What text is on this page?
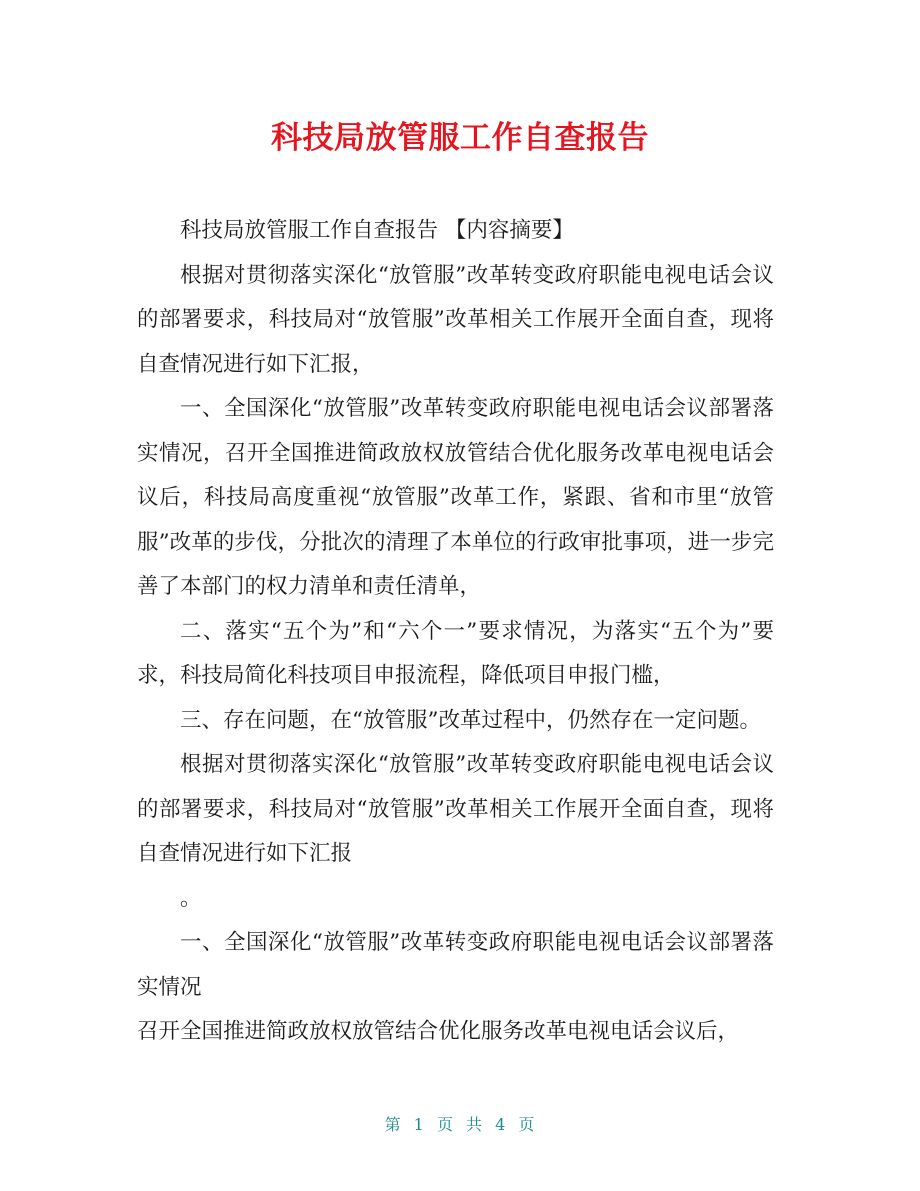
科技局放管服工作自查报告

科技局放管服工作自查报告 【内容摘要】

根据对贯彻落实深化“放管服”改革转变政府职能电视电话会议的部署要求，科技局对“放管服”改革相关工作展开全面自查，现将自查情况进行如下汇报，

一、全国深化“放管服”改革转变政府职能电视电话会议部署落实情况，召开全国推进简政放权放管结合优化服务改革电视电话会议后，科技局高度重视“放管服”改革工作，紧跟、省和市里“放管服”改革的步伐，分批次的清理了本单位的行政审批事项，进一步完善了本部门的权力清单和责任清单，

二、落实“五个为”和“六个一”要求情况，为落实“五个为”要求，科技局简化科技项目申报流程，降低项目申报门槛，

三、存在问题，在“放管服”改革过程中，仍然存在一定问题。

根据对贯彻落实深化“放管服”改革转变政府职能电视电话会议的部署要求，科技局对“放管服”改革相关工作展开全面自查，现将自查情况进行如下汇报

。

一、全国深化“放管服”改革转变政府职能电视电话会议部署落实情况

召开全国推进简政放权放管结合优化服务改革电视电话会议后，

第 1 页 共 4 页
